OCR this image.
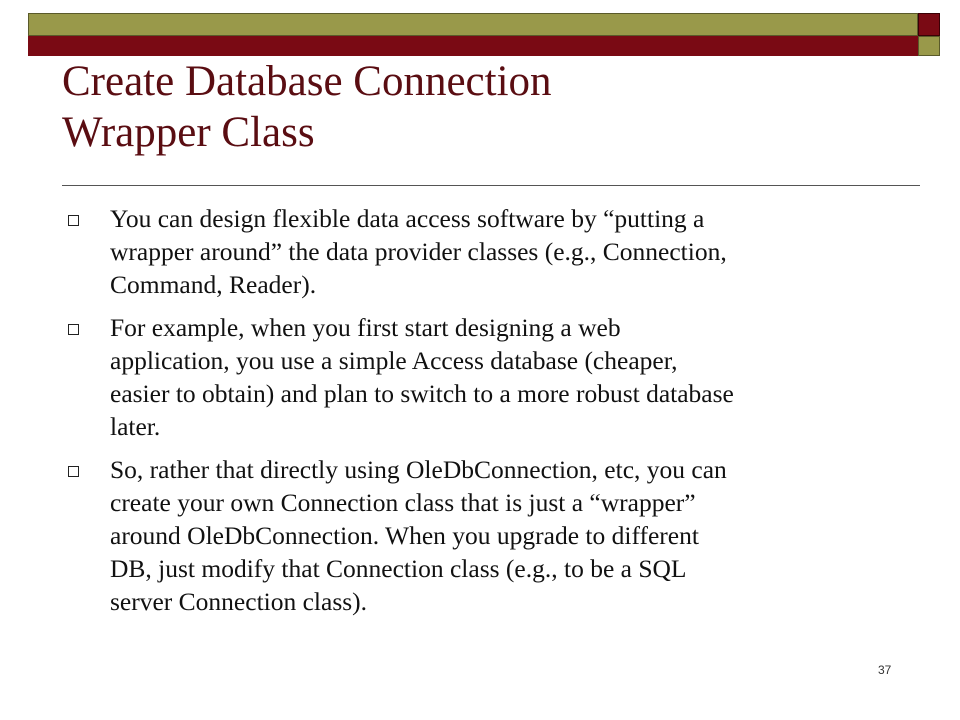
Create Database Connection
Wrapper Class
You can design flexible data access software by “putting a
wrapper around” the data provider classes (e.g., Connection,
Command, Reader).
For example, when you first start designing a web
application, you use a simple Access database (cheaper,
easier to obtain) and plan to switch to a more robust database
later.
So, rather that directly using OleDbConnection, etc, you can
create your own Connection class that is just a “wrapper”
around OleDbConnection. When you upgrade to different
DB, just modify that Connection class (e.g., to be a SQL
server Connection class).
37
